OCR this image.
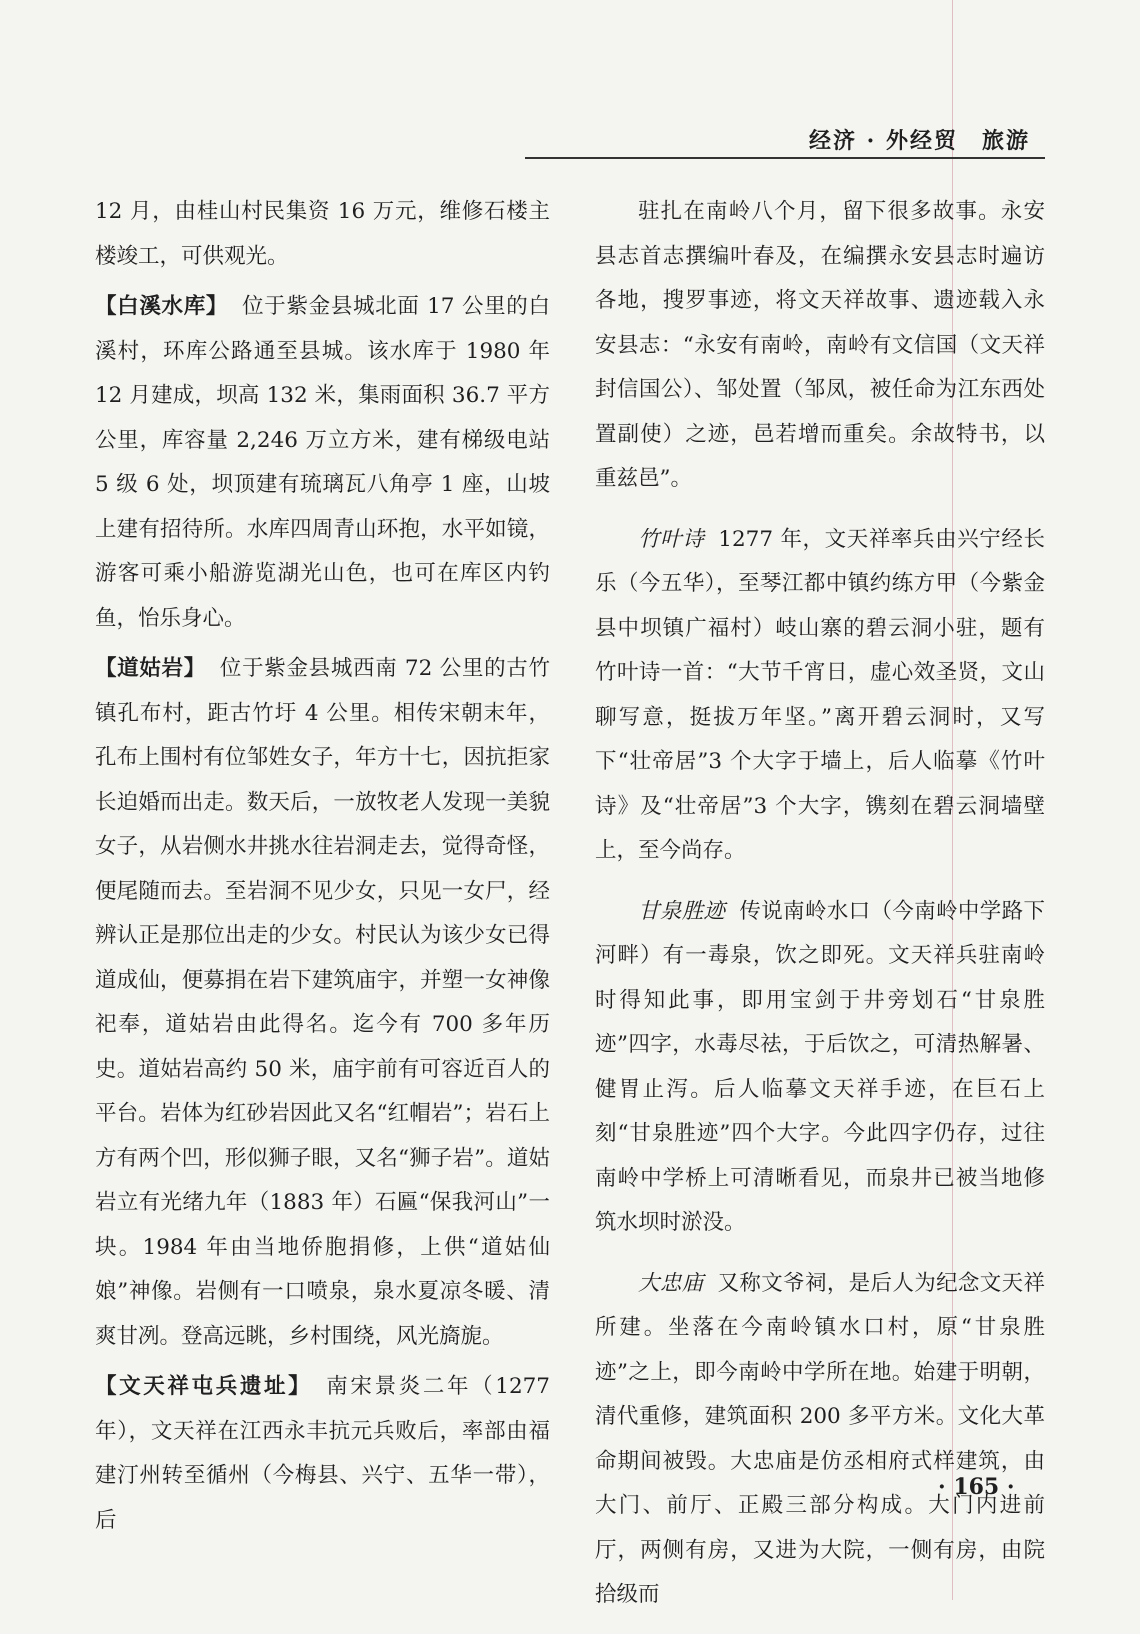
经济 · 外经贸　旅游

12 月，由桂山村民集资 16 万元，维修石楼主楼竣工，可供观光。

【白溪水库】 位于紫金县城北面 17 公里的白溪村，环库公路通至县城。该水库于 1980 年 12 月建成，坝高 132 米，集雨面积 36.7 平方公里，库容量 2,246 万立方米，建有梯级电站 5 级 6 处，坝顶建有琉璃瓦八角亭 1 座，山坡上建有招待所。水库四周青山环抱，水平如镜，游客可乘小船游览湖光山色，也可在库区内钓鱼，怡乐身心。

【道姑岩】 位于紫金县城西南 72 公里的古竹镇孔布村，距古竹圩 4 公里。相传宋朝末年，孔布上围村有位邹姓女子，年方十七，因抗拒家长迫婚而出走。数天后，一放牧老人发现一美貌女子，从岩侧水井挑水往岩洞走去，觉得奇怪，便尾随而去。至岩洞不见少女，只见一女尸，经辨认正是那位出走的少女。村民认为该少女已得道成仙，便募捐在岩下建筑庙宇，并塑一女神像祀奉，道姑岩由此得名。迄今有 700 多年历史。道姑岩高约 50 米，庙宇前有可容近百人的平台。岩体为红砂岩因此又名“红帽岩”；岩石上方有两个凹，形似狮子眼，又名“狮子岩”。道姑岩立有光绪九年（1883 年）石匾“保我河山”一块。1984 年由当地侨胞捐修，上供“道姑仙娘”神像。岩侧有一口喷泉，泉水夏凉冬暖、清爽甘冽。登高远眺，乡村围绕，风光旖旎。

【文天祥屯兵遗址】 南宋景炎二年（1277 年），文天祥在江西永丰抗元兵败后，率部由福建汀州转至循州（今梅县、兴宁、五华一带），后

驻扎在南岭八个月，留下很多故事。永安县志首志撰编叶春及，在编撰永安县志时遍访各地，搜罗事迹，将文天祥故事、遗迹载入永安县志：“永安有南岭，南岭有文信国（文天祥封信国公）、邹处置（邹凤，被任命为江东西处置副使）之迹，邑若增而重矣。余故特书，以重兹邑”。

竹叶诗 1277 年，文天祥率兵由兴宁经长乐（今五华），至琴江都中镇约练方甲（今紫金县中坝镇广福村）岐山寨的碧云洞小驻，题有竹叶诗一首：“大节千宵日，虚心效圣贤，文山聊写意，挺拔万年坚。”离开碧云洞时，又写下“壮帝居”3 个大字于墙上，后人临摹《竹叶诗》及“壮帝居”3 个大字，镌刻在碧云洞墙壁上，至今尚存。

甘泉胜迹 传说南岭水口（今南岭中学路下河畔）有一毒泉，饮之即死。文天祥兵驻南岭时得知此事，即用宝剑于井旁划石“甘泉胜迹”四字，水毒尽祛，于后饮之，可清热解暑、健胃止泻。后人临摹文天祥手迹，在巨石上刻“甘泉胜迹”四个大字。今此四字仍存，过往南岭中学桥上可清晰看见，而泉井已被当地修筑水坝时淤没。

大忠庙 又称文爷祠，是后人为纪念文天祥所建。坐落在今南岭镇水口村，原“甘泉胜迹”之上，即今南岭中学所在地。始建于明朝，清代重修，建筑面积 200 多平方米。文化大革命期间被毁。大忠庙是仿丞相府式样建筑，由大门、前厅、正殿三部分构成。大门内进前厅，两侧有房，又进为大院，一侧有房，由院拾级而

· 165 ·
